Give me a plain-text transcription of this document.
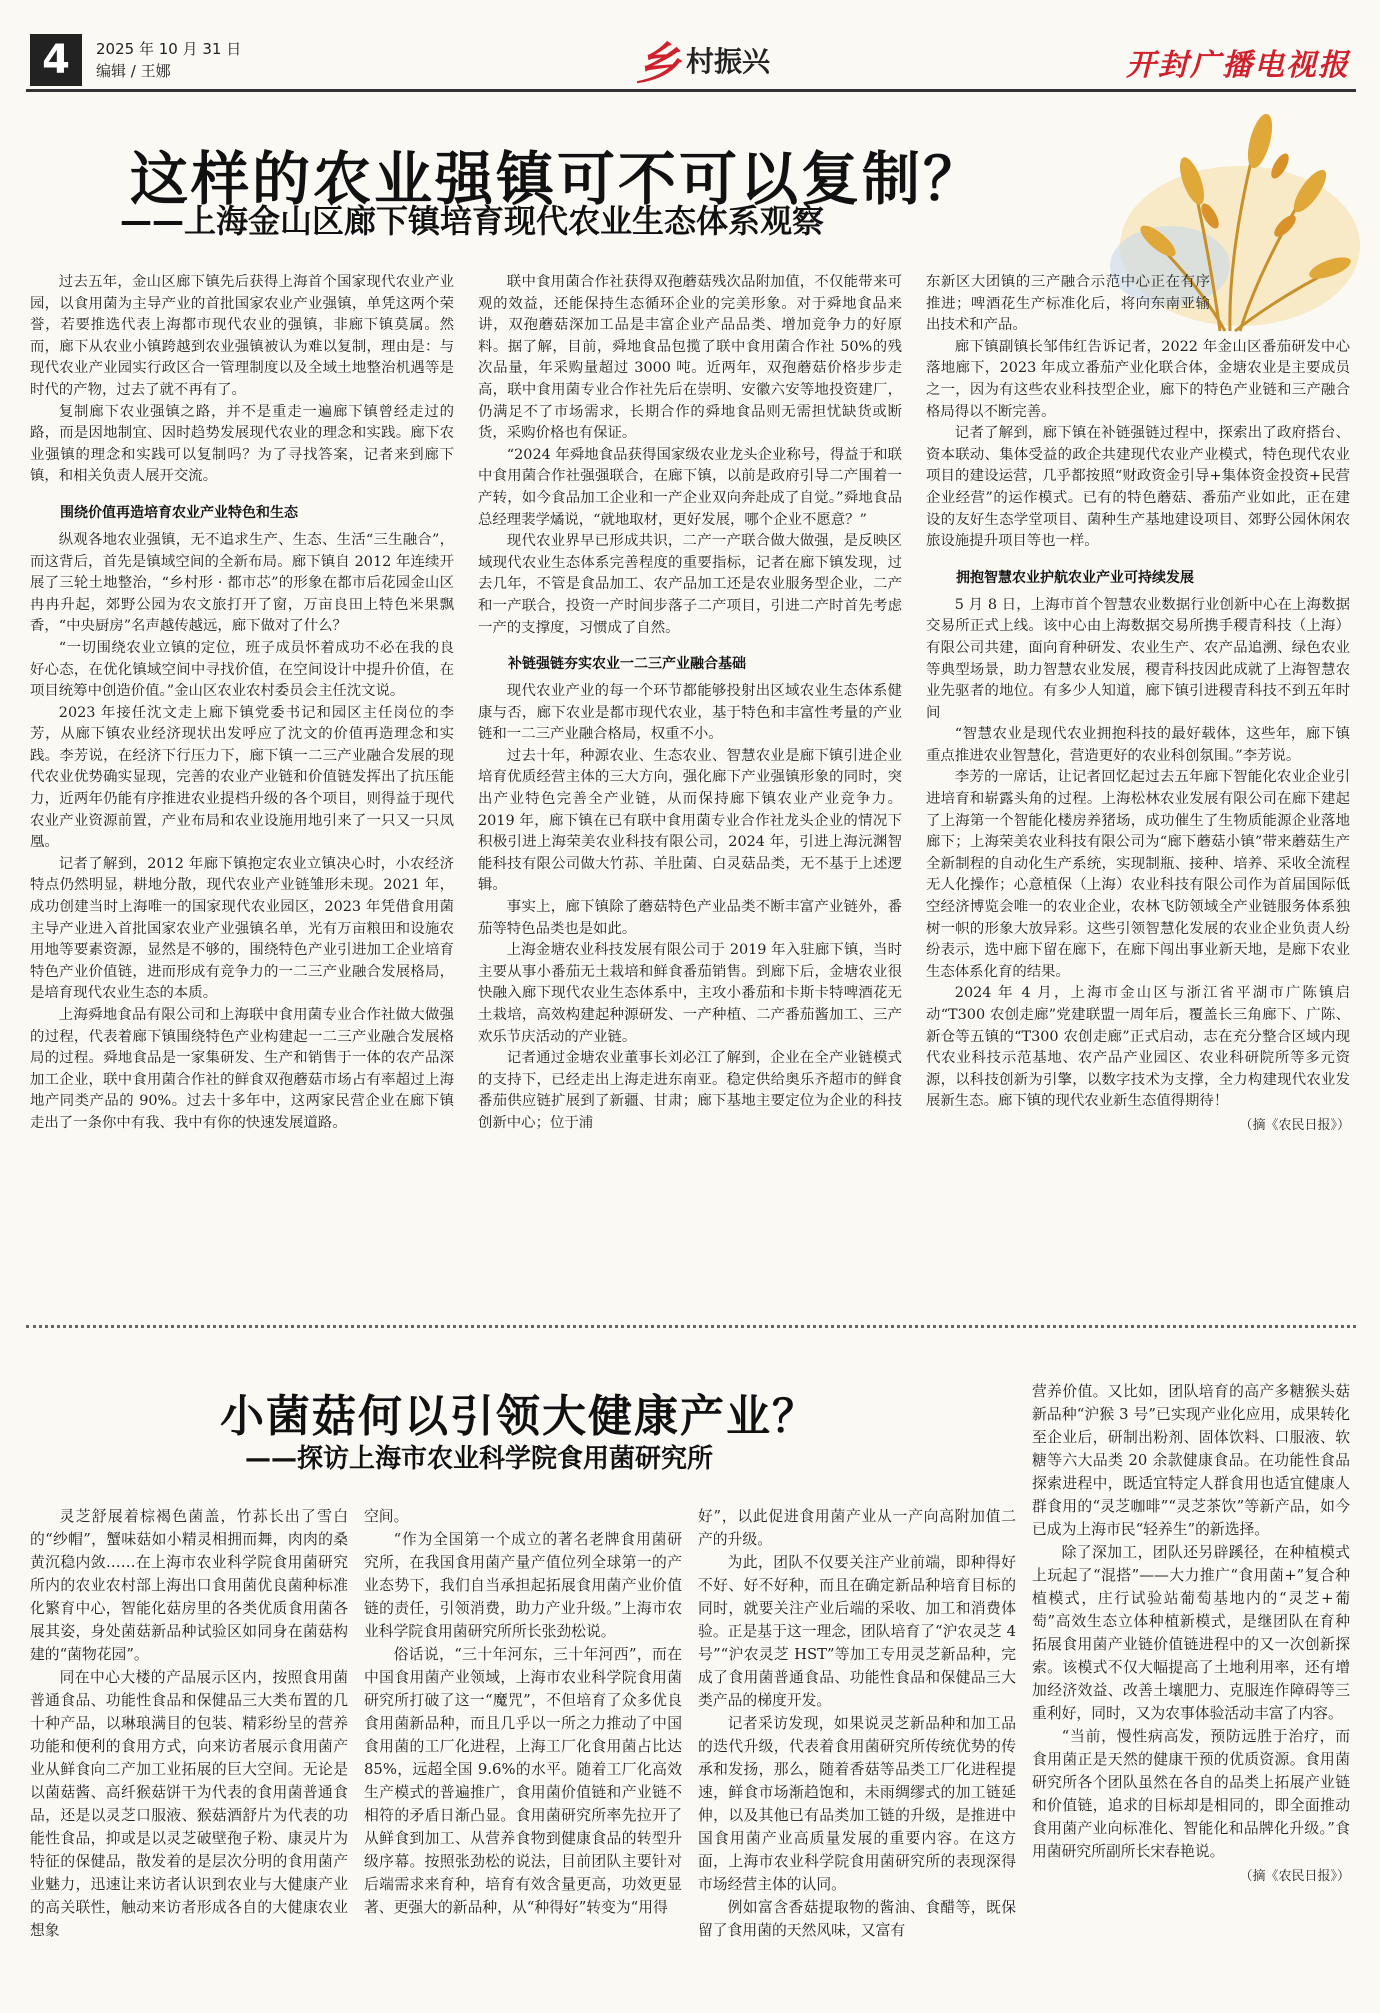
4	2025 年 10 月 31 日
编辑 / 王娜	乡 村振兴	开封广播电视报
这样的农业强镇可不可以复制？
——上海金山区廊下镇培育现代农业生态体系观察

过去五年，金山区廊下镇先后获得上海首个国家现代农业产业园，以食用菌为主导产业的首批国家农业产业强镇，单凭这两个荣誉，若要推选代表上海都市现代农业的强镇，非廊下镇莫属。然而，廊下从农业小镇跨越到农业强镇被认为难以复制，理由是：与现代农业产业园实行政区合一管理制度以及全域土地整治机遇等是时代的产物，过去了就不再有了。

复制廊下农业强镇之路，并不是重走一遍廊下镇曾经走过的路，而是因地制宜、因时趋势发展现代农业的理念和实践。廊下农业强镇的理念和实践可以复制吗？为了寻找答案，记者来到廊下镇，和相关负责人展开交流。

围绕价值再造培育农业产业特色和生态

纵观各地农业强镇，无不追求生产、生态、生活“三生融合”，而这背后，首先是镇域空间的全新布局。廊下镇自 2012 年连续开展了三轮土地整治，“乡村形 · 都市芯”的形象在都市后花园金山区冉冉升起，郊野公园为农文旅打开了窗，万亩良田上特色米果飘香，“中央厨房”名声越传越远，廊下做对了什么？

“一切围绕农业立镇的定位，班子成员怀着成功不必在我的良好心态，在优化镇域空间中寻找价值，在空间设计中提升价值，在项目统筹中创造价值。”金山区农业农村委员会主任沈文说。

2023 年接任沈文走上廊下镇党委书记和园区主任岗位的李芳，从廊下镇农业经济现状出发呼应了沈文的价值再造理念和实践。李芳说，在经济下行压力下，廊下镇一二三产业融合发展的现代农业优势确实显现，完善的农业产业链和价值链发挥出了抗压能力，近两年仍能有序推进农业提档升级的各个项目，则得益于现代农业产业资源前置，产业布局和农业设施用地引来了一只又一只凤凰。

记者了解到，2012 年廊下镇抱定农业立镇决心时，小农经济特点仍然明显，耕地分散，现代农业产业链雏形未现。2021 年，成功创建当时上海唯一的国家现代农业园区，2023 年凭借食用菌主导产业进入首批国家农业产业强镇名单，光有万亩粮田和设施农用地等要素资源，显然是不够的，围绕特色产业引进加工企业培育特色产业价值链，进而形成有竞争力的一二三产业融合发展格局，是培育现代农业生态的本质。

上海舜地食品有限公司和上海联中食用菌专业合作社做大做强的过程，代表着廊下镇围绕特色产业构建起一二三产业融合发展格局的过程。舜地食品是一家集研发、生产和销售于一体的农产品深加工企业，联中食用菌合作社的鲜食双孢蘑菇市场占有率超过上海地产同类产品的 90%。过去十多年中，这两家民营企业在廊下镇走出了一条你中有我、我中有你的快速发展道路。

联中食用菌合作社获得双孢蘑菇残次品附加值，不仅能带来可观的效益，还能保持生态循环企业的完美形象。对于舜地食品来讲，双孢蘑菇深加工品是丰富企业产品品类、增加竞争力的好原料。据了解，目前，舜地食品包揽了联中食用菌合作社 50%的残次品量，年采购量超过 3000 吨。近两年，双孢蘑菇价格步步走高，联中食用菌专业合作社先后在崇明、安徽六安等地投资建厂，仍满足不了市场需求，长期合作的舜地食品则无需担忧缺货或断货，采购价格也有保证。

“2024 年舜地食品获得国家级农业龙头企业称号，得益于和联中食用菌合作社强强联合，在廊下镇，以前是政府引导二产围着一产转，如今食品加工企业和一产企业双向奔赴成了自觉。”舜地食品总经理裴学燏说，“就地取材，更好发展，哪个企业不愿意？”

现代农业界早已形成共识，二产一产联合做大做强，是反映区域现代农业生态体系完善程度的重要指标，记者在廊下镇发现，过去几年，不管是食品加工、农产品加工还是农业服务型企业，二产和一产联合，投资一产时间步落子二产项目，引进二产时首先考虑一产的支撑度，习惯成了自然。

补链强链夯实农业一二三产业融合基础

现代农业产业的每一个环节都能够投射出区域农业生态体系健康与否，廊下农业是都市现代农业，基于特色和丰富性考量的产业链和一二三产业融合格局，权重不小。

过去十年，种源农业、生态农业、智慧农业是廊下镇引进企业培育优质经营主体的三大方向，强化廊下产业强镇形象的同时，突出产业特色完善全产业链，从而保持廊下镇农业产业竞争力。2019 年，廊下镇在已有联中食用菌专业合作社龙头企业的情况下积极引进上海荣美农业科技有限公司，2024 年，引进上海沅渊智能科技有限公司做大竹荪、羊肚菌、白灵菇品类，无不基于上述逻辑。

事实上，廊下镇除了蘑菇特色产业品类不断丰富产业链外，番茄等特色品类也是如此。

上海金塘农业科技发展有限公司于 2019 年入驻廊下镇，当时主要从事小番茄无土栽培和鲜食番茄销售。到廊下后，金塘农业很快融入廊下现代农业生态体系中，主攻小番茄和卡斯卡特啤酒花无土栽培，高效构建起种源研发、一产种植、二产番茄酱加工、三产欢乐节庆活动的产业链。

记者通过金塘农业董事长刘必江了解到，企业在全产业链模式的支持下，已经走出上海走进东南亚。稳定供给奥乐齐超市的鲜食番茄供应链扩展到了新疆、甘肃；廊下基地主要定位为企业的科技创新中心；位于浦

东新区大团镇的三产融合示范中心正在有序推进；啤酒花生产标准化后，将向东南亚输出技术和产品。

廊下镇副镇长邹伟红告诉记者，2022 年金山区番茄研发中心落地廊下，2023 年成立番茄产业化联合体，金塘农业是主要成员之一，因为有这些农业科技型企业，廊下的特色产业链和三产融合格局得以不断完善。

记者了解到，廊下镇在补链强链过程中，探索出了政府搭台、资本联动、集体受益的政企共建现代农业产业模式，特色现代农业项目的建设运营，几乎都按照“财政资金引导+集体资金投资+民营企业经营”的运作模式。已有的特色蘑菇、番茄产业如此，正在建设的友好生态学堂项目、菌种生产基地建设项目、郊野公园休闲农旅设施提升项目等也一样。

拥抱智慧农业护航农业产业可持续发展

5 月 8 日，上海市首个智慧农业数据行业创新中心在上海数据交易所正式上线。该中心由上海数据交易所携手稷青科技（上海）有限公司共建，面向育种研发、农业生产、农产品追溯、绿色农业等典型场景，助力智慧农业发展，稷青科技因此成就了上海智慧农业先驱者的地位。有多少人知道，廊下镇引进稷青科技不到五年时间

“智慧农业是现代农业拥抱科技的最好载体，这些年，廊下镇重点推进农业智慧化，营造更好的农业科创氛围。”李芳说。

李芳的一席话，让记者回忆起过去五年廊下智能化农业企业引进培育和崭露头角的过程。上海松林农业发展有限公司在廊下建起了上海第一个智能化楼房养猪场，成功催生了生物质能源企业落地廊下；上海荣美农业科技有限公司为“廊下蘑菇小镇”带来蘑菇生产全新制程的自动化生产系统，实现制瓶、接种、培养、采收全流程无人化操作；心意植保（上海）农业科技有限公司作为首届国际低空经济博览会唯一的农业企业，农林飞防领域全产业链服务体系独树一帜的形象大放异彩。这些引领智慧化发展的农业企业负责人纷纷表示，选中廊下留在廊下，在廊下闯出事业新天地，是廊下农业生态体系化育的结果。

2024 年 4 月，上海市金山区与浙江省平湖市广陈镇启动“T300 农创走廊”党建联盟一周年后，覆盖长三角廊下、广陈、新仓等五镇的“T300 农创走廊”正式启动，志在充分整合区域内现代农业科技示范基地、农产品产业园区、农业科研院所等多元资源，以科技创新为引擎，以数字技术为支撑，全力构建现代农业发展新生态。廊下镇的现代农业新生态值得期待！

（摘《农民日报》）

小菌菇何以引领大健康产业？
——探访上海市农业科学院食用菌研究所

灵芝舒展着棕褐色菌盖，竹荪长出了雪白的“纱帽”，蟹味菇如小精灵相拥而舞，肉肉的桑黄沉稳内敛……在上海市农业科学院食用菌研究所内的农业农村部上海出口食用菌优良菌种标准化繁育中心，智能化菇房里的各类优质食用菌各展其姿，身处菌菇新品种试验区如同身在菌菇构建的“菌物花园”。

同在中心大楼的产品展示区内，按照食用菌普通食品、功能性食品和保健品三大类布置的几十种产品，以琳琅满目的包装、精彩纷呈的营养功能和便利的食用方式，向来访者展示食用菌产业从鲜食向二产加工业拓展的巨大空间。无论是以菌菇酱、高纤猴菇饼干为代表的食用菌普通食品，还是以灵芝口服液、猴菇酒舒片为代表的功能性食品，抑或是以灵芝破壁孢子粉、康灵片为特征的保健品，散发着的是层次分明的食用菌产业魅力，迅速让来访者认识到农业与大健康产业的高关联性，触动来访者形成各自的大健康农业想象

空间。

“作为全国第一个成立的著名老牌食用菌研究所，在我国食用菌产量产值位列全球第一的产业态势下，我们自当承担起拓展食用菌产业价值链的责任，引领消费，助力产业升级。”上海市农业科学院食用菌研究所所长张劲松说。

俗话说，“三十年河东，三十年河西”，而在中国食用菌产业领域，上海市农业科学院食用菌研究所打破了这一“魔咒”，不但培育了众多优良食用菌新品种，而且几乎以一所之力推动了中国食用菌的工厂化进程，上海工厂化食用菌占比达 85%，远超全国 9.6%的水平。随着工厂化高效生产模式的普遍推广，食用菌价值链和产业链不相符的矛盾日渐凸显。食用菌研究所率先拉开了从鲜食到加工、从营养食物到健康食品的转型升级序幕。按照张劲松的说法，目前团队主要针对后端需求来育种，培育有效含量更高，功效更显著、更强大的新品种，从“种得好”转变为“用得

好”，以此促进食用菌产业从一产向高附加值二产的升级。

为此，团队不仅要关注产业前端，即种得好不好、好不好种，而且在确定新品种培育目标的同时，就要关注产业后端的采收、加工和消费体验。正是基于这一理念，团队培育了“沪农灵芝 4 号”“沪农灵芝 HST”等加工专用灵芝新品种，完成了食用菌普通食品、功能性食品和保健品三大类产品的梯度开发。

记者采访发现，如果说灵芝新品种和加工品的迭代升级，代表着食用菌研究所传统优势的传承和发扬，那么，随着香菇等品类工厂化进程提速，鲜食市场渐趋饱和，未雨绸缪式的加工链延伸，以及其他已有品类加工链的升级，是推进中国食用菌产业高质量发展的重要内容。在这方面，上海市农业科学院食用菌研究所的表现深得市场经营主体的认同。

例如富含香菇提取物的酱油、食醋等，既保留了食用菌的天然风味，又富有

营养价值。又比如，团队培育的高产多糖猴头菇新品种“沪猴 3 号”已实现产业化应用，成果转化至企业后，研制出粉剂、固体饮料、口服液、软糖等六大品类 20 余款健康食品。在功能性食品探索进程中，既适宜特定人群食用也适宜健康人群食用的“灵芝咖啡”“灵芝茶饮”等新产品，如今已成为上海市民“轻养生”的新选择。

除了深加工，团队还另辟蹊径，在种植模式上玩起了“混搭”——大力推广“食用菌+”复合种植模式，庄行试验站葡萄基地内的“灵芝+葡萄”高效生态立体种植新模式，是继团队在育种拓展食用菌产业链价值链进程中的又一次创新探索。该模式不仅大幅提高了土地利用率，还有增加经济效益、改善土壤肥力、克服连作障碍等三重利好，同时，又为农事体验活动丰富了内容。

“当前，慢性病高发，预防远胜于治疗，而食用菌正是天然的健康干预的优质资源。食用菌研究所各个团队虽然在各自的品类上拓展产业链和价值链，追求的目标却是相同的，即全面推动食用菌产业向标准化、智能化和品牌化升级。”食用菌研究所副所长宋春艳说。

（摘《农民日报》）
